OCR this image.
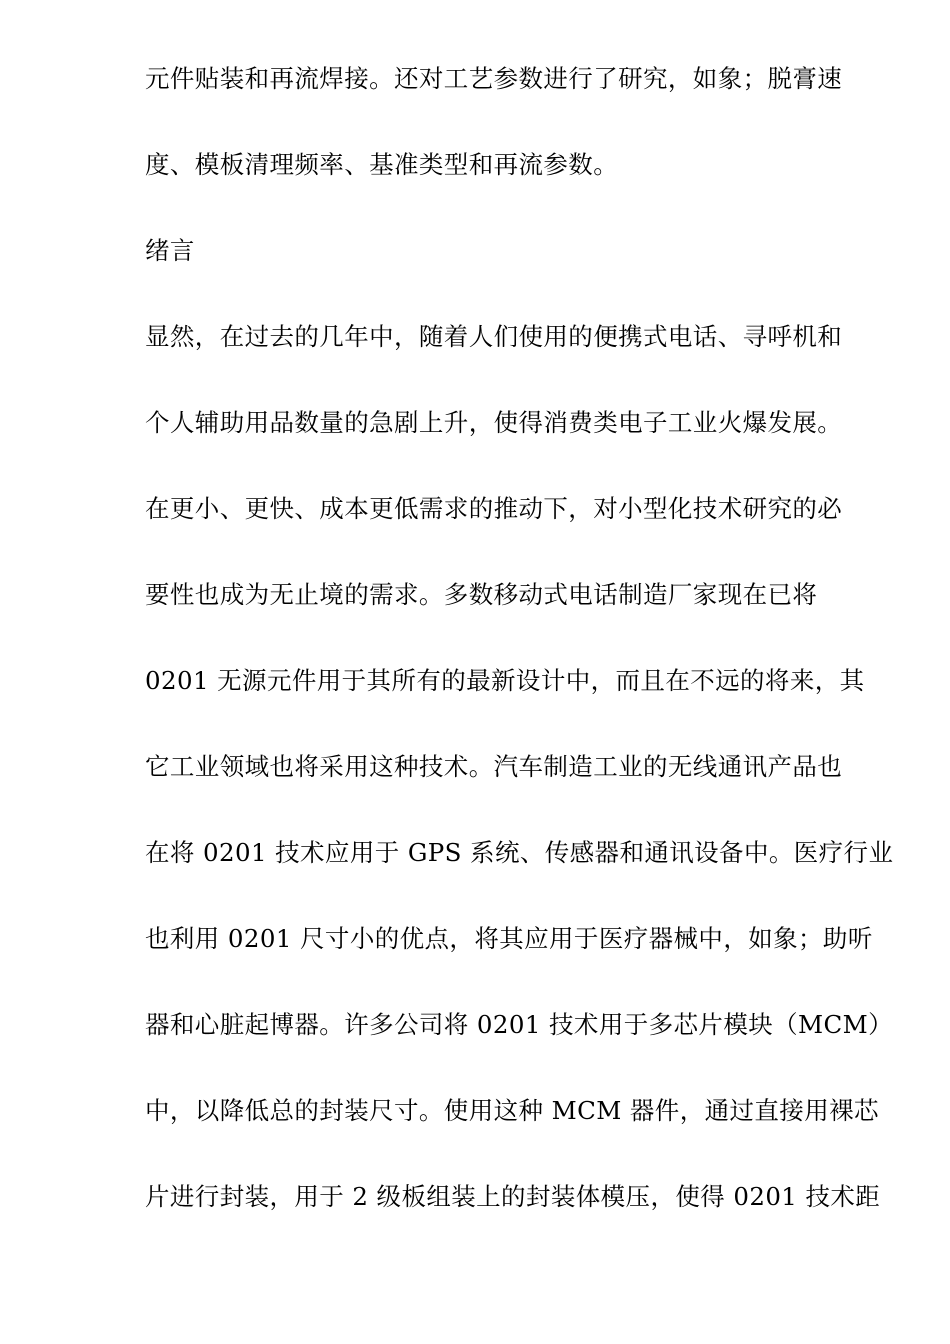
元件贴装和再流焊接。还对工艺参数进行了研究，如象；脱膏速
度、模板清理频率、基准类型和再流参数。
绪言
显然，在过去的几年中，随着人们使用的便携式电话、寻呼机和
个人辅助用品数量的急剧上升，使得消费类电子工业火爆发展。
在更小、更快、成本更低需求的推动下，对小型化技术研究的必
要性也成为无止境的需求。多数移动式电话制造厂家现在已将
0201 无源元件用于其所有的最新设计中，而且在不远的将来，其
它工业领域也将采用这种技术。汽车制造工业的无线通讯产品也
在将 0201 技术应用于 GPS 系统、传感器和通讯设备中。医疗行业
也利用 0201 尺寸小的优点，将其应用于医疗器械中，如象；助听
器和心脏起博器。许多公司将 0201 技术用于多芯片模块（MCM）
中，以降低总的封装尺寸。使用这种 MCM 器件，通过直接用裸芯
片进行封装，用于 2 级板组装上的封装体模压，使得 0201 技术距
